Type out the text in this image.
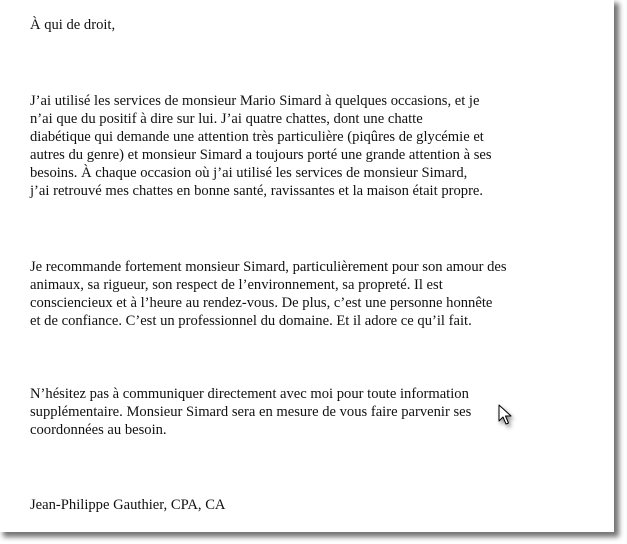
À qui de droit,
J’ai utilisé les services de monsieur Mario Simard à quelques occasions, et je
n’ai que du positif à dire sur lui. J’ai quatre chattes, dont une chatte
diabétique qui demande une attention très particulière (piqûres de glycémie et
autres du genre) et monsieur Simard a toujours porté une grande attention à ses
besoins. À chaque occasion où j’ai utilisé les services de monsieur Simard,
j’ai retrouvé mes chattes en bonne santé, ravissantes et la maison était propre.
Je recommande fortement monsieur Simard, particulièrement pour son amour des
animaux, sa rigueur, son respect de l’environnement, sa propreté. Il est
consciencieux et à l’heure au rendez-vous. De plus, c’est une personne honnête
et de confiance. C’est un professionnel du domaine. Et il adore ce qu’il fait.
N’hésitez pas à communiquer directement avec moi pour toute information
supplémentaire. Monsieur Simard sera en mesure de vous faire parvenir ses
coordonnées au besoin.
Jean-Philippe Gauthier, CPA, CA
